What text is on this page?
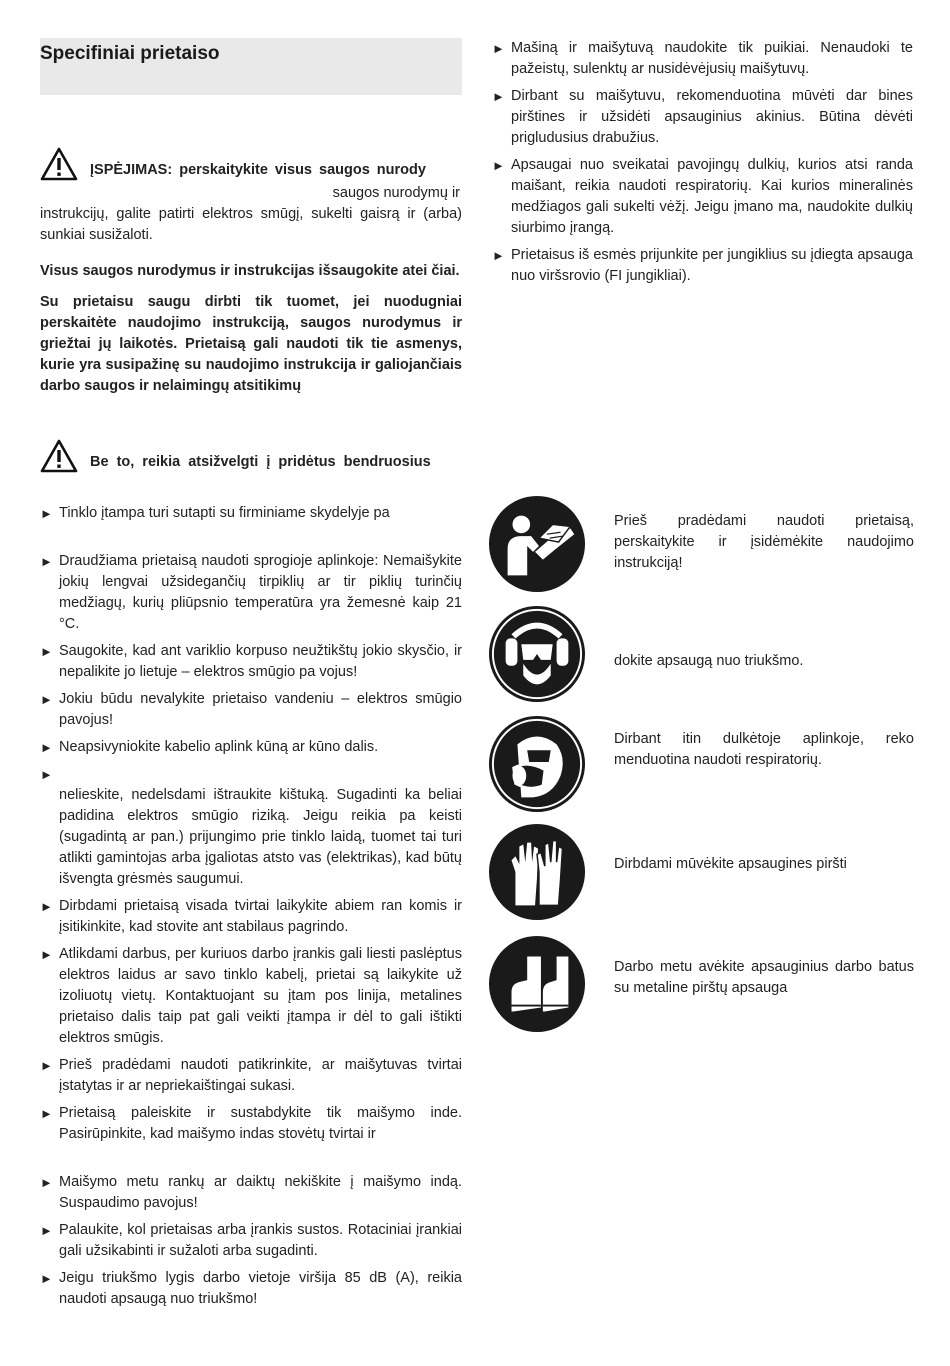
Specifiniai prietaiso
ĮSPĖJIMAS: perskaitykite visus saugos nurody

saugos nurodymų ir

instrukcijų, galite patirti elektros smūgį, sukelti gaisrą ir (arba) sunkiai susižaloti.

Visus saugos nurodymus ir instrukcijas išsaugokite atei čiai.

Su prietaisu saugu dirbti tik tuomet, jei nuodugniai perskaitėte naudojimo instrukciją, saugos nurodymus ir griežtai jų laikotės. Prietaisą gali naudoti tik tie asmenys, kurie yra susipažinę su naudojimo instrukcija ir galiojančiais darbo saugos ir nelaimingų atsitikimų

Be to, reikia atsižvelgti į pridėtus bendruosius
► Tinklo įtampa turi sutapti su firminiame skydelyje pa
► Draudžiama prietaisą naudoti sprogioje aplinkoje: Nemaišykite jokių lengvai užsidegančių tirpiklių ar tir piklių turinčių medžiagų, kurių pliūpsnio temperatūra yra žemesnė kaip 21 °C.
► Saugokite, kad ant variklio korpuso neužtikštų jokio skysčio, ir nepalikite jo lietuje – elektros smūgio pa vojus!
► Jokiu būdu nevalykite prietaiso vandeniu – elektros smūgio pavojus!
► Neapsivyniokite kabelio aplink kūną ar kūno dalis.
►

nelieskite, nedelsdami ištraukite kištuką. Sugadinti ka beliai padidina elektros smūgio riziką. Jeigu reikia pa keisti (sugadintą ar pan.) prijungimo prie tinklo laidą, tuomet tai turi atlikti gamintojas arba įgaliotas atsto vas (elektrikas), kad būtų išvengta grėsmės saugumui.
► Dirbdami prietaisą visada tvirtai laikykite abiem ran komis ir įsitikinkite, kad stovite ant stabilaus pagrindo.
► Atlikdami darbus, per kuriuos darbo įrankis gali liesti paslėptus elektros laidus ar savo tinklo kabelį, prietai są laikykite už izoliuotų vietų. Kontaktuojant su įtam pos linija, metalines prietaiso dalis taip pat gali veikti įtampa ir dėl to gali ištikti elektros smūgis.
► Prieš pradėdami naudoti patikrinkite, ar maišytuvas tvirtai įstatytas ir ar nepriekaištingai sukasi.
► Prietaisą paleiskite ir sustabdykite tik maišymo inde. Pasirūpinkite, kad maišymo indas stovėtų tvirtai ir
► Maišymo metu rankų ar daiktų nekiškite į maišymo indą. Suspaudimo pavojus!
► Palaukite, kol prietaisas arba įrankis sustos. Rotaciniai įrankiai gali užsikabinti ir sužaloti arba sugadinti.
► Jeigu triukšmo lygis darbo vietoje viršija 85 dB (A), reikia naudoti apsaugą nuo triukšmo!
► Mašiną ir maišytuvą naudokite tik puikiai. Nenaudoki te pažeistų, sulenktų ar nusidėvėjusių maišytuvų.
► Dirbant su maišytuvu, rekomenduotina mūvėti dar bines pirštines ir užsidėti apsauginius akinius. Būtina dėvėti prigludusius drabužius.
► Apsaugai nuo sveikatai pavojingų dulkių, kurios atsi randa maišant, reikia naudoti respiratorių. Kai kurios mineralinės medžiagos gali sukelti vėžį. Jeigu įmano ma, naudokite dulkių siurbimo įrangą.
► Prietaisus iš esmės prijunkite per jungiklius su įdiegta apsauga nuo viršsrovio (FI jungikliai).
Prieš pradėdami naudoti prietaisą, perskaitykite ir įsidėmėkite naudojimo instrukciją!
dokite apsaugą nuo triukšmo.
Dirbant itin dulkėtoje aplinkoje, reko menduotina naudoti respiratorių.
Dirbdami mūvėkite apsaugines piršti
Darbo metu avėkite apsauginius darbo batus su metaline pirštų apsauga
